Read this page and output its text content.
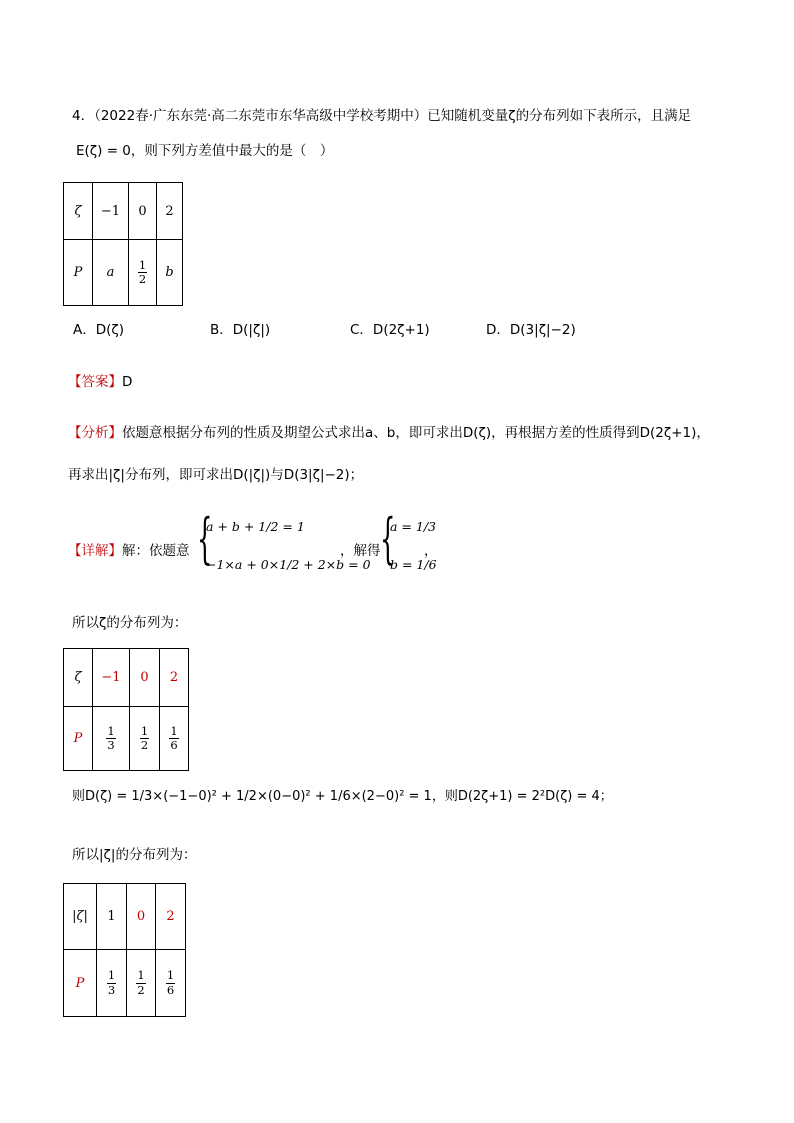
4．（2022春·广东东莞·高二东莞市东华高级中学校考期中）已知随机变量ζ的分布列如下表所示，且满足
E(ζ) = 0，则下列方差值中最大的是（　）
ζ	−1	0	2
P	a	$\frac{1}{2}$	b
A．D(ζ)	B．D(|ζ|)	C．D(2ζ+1)	D．D(3|ζ|−2)
【答案】D
【分析】依题意根据分布列的性质及期望公式求出a、b，即可求出D(ζ)，再根据方差的性质得到D(2ζ+1)，
再求出|ζ|分布列，即可求出D(|ζ|)与D(3|ζ|−2)；
【详解】解：依题意 {
a + b + 1/2 = 1
−1×a + 0×1/2 + 2×b = 0
，解得 {
a = 1/3
b = 1/6
，
所以ζ的分布列为：
ζ	−1	0	2
P	$\frac{1}{3}$	$\frac{1}{2}$	$\frac{1}{6}$
则D(ζ) = 1/3×(−1−0)² + 1/2×(0−0)² + 1/6×(2−0)² = 1，则D(2ζ+1) = 2²D(ζ) = 4；
所以|ζ|的分布列为：
|ζ|	1	0	2
P	$\frac{1}{3}$	$\frac{1}{2}$	$\frac{1}{6}$
